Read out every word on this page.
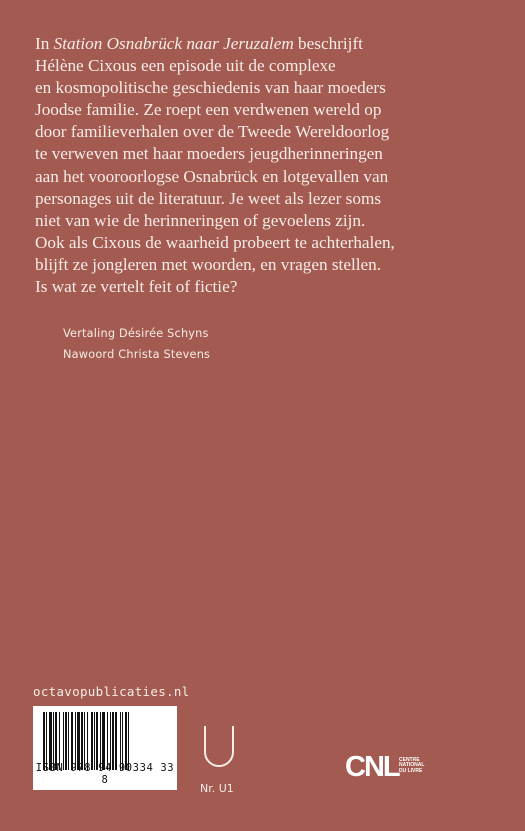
In Station Osnabrück naar Jeruzalem beschrijft
Hélène Cixous een episode uit de complexe
en kosmopolitische geschiedenis van haar moeders
Joodse familie. Ze roept een verdwenen wereld op
door familieverhalen over de Tweede Wereldoorlog
te verweven met haar moeders jeugdherinneringen
aan het vooroorlogse Osnabrück en lotgevallen van
personages uit de literatuur. Je weet als lezer soms
niet van wie de herinneringen of gevoelens zijn.
Ook als Cixous de waarheid probeert te achterhalen,
blijft ze jongleren met woorden, en vragen stellen.
Is wat ze vertelt feit of fictie?
Vertaling Désirée Schyns
Nawoord Christa Stevens
octavopublicaties.nl
ISBN 978 94 90334 33 8
Nr. U1
CNL CENTRE
NATIONAL
DU LIVRE
